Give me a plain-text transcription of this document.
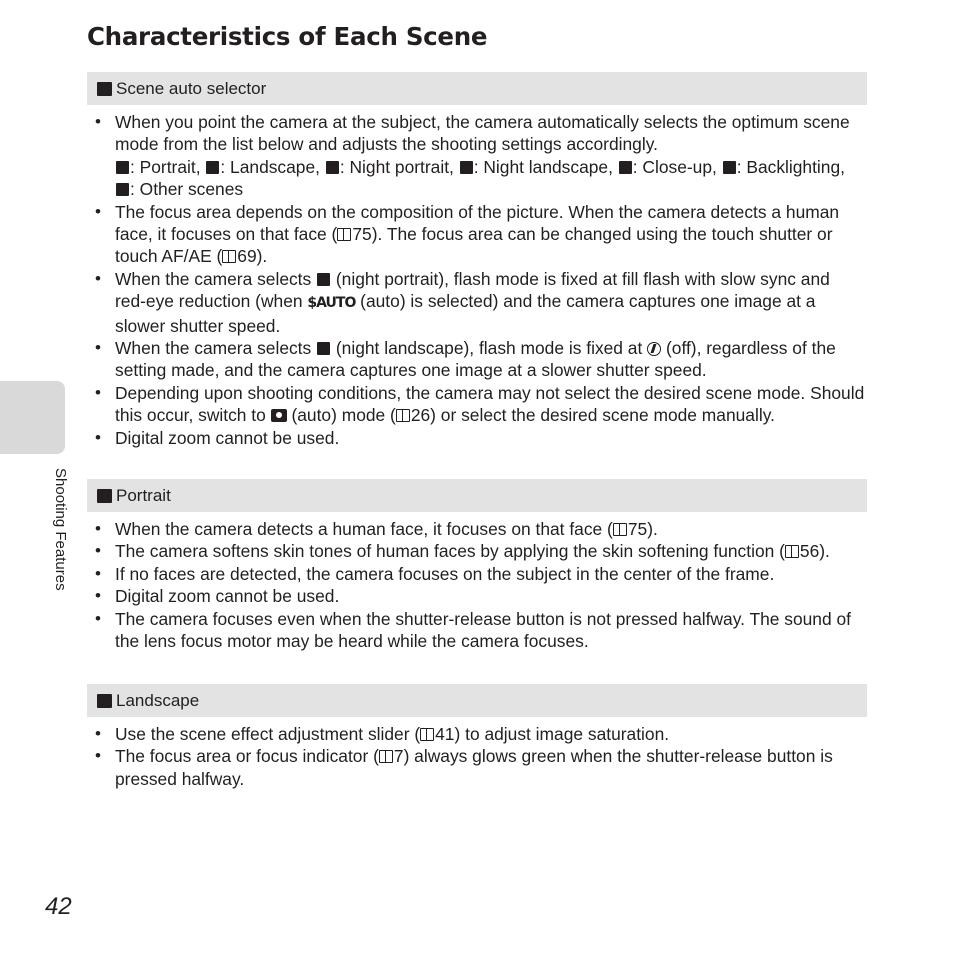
Characteristics of Each Scene
Shooting Features
Scene auto selector
• When you point the camera at the subject, the camera automatically selects the optimum scene mode from the list below and adjusts the shooting settings accordingly.
: Portrait, : Landscape, : Night portrait, : Night landscape, : Close-up, : Backlighting,
: Other scenes
• The focus area depends on the composition of the picture. When the camera detects a human face, it focuses on that face ( 75). The focus area can be changed using the touch shutter or touch AF/AE ( 69).
• When the camera selects  (night portrait), flash mode is fixed at fill flash with slow sync and red-eye reduction (when $AUTO (auto) is selected) and the camera captures one image at a slower shutter speed.
• When the camera selects  (night landscape), flash mode is fixed at  (off), regardless of the setting made, and the camera captures one image at a slower shutter speed.
• Depending upon shooting conditions, the camera may not select the desired scene mode. Should this occur, switch to  (auto) mode ( 26) or select the desired scene mode manually.
• Digital zoom cannot be used.
Portrait
• When the camera detects a human face, it focuses on that face ( 75).
• The camera softens skin tones of human faces by applying the skin softening function ( 56).
• If no faces are detected, the camera focuses on the subject in the center of the frame.
• Digital zoom cannot be used.
• The camera focuses even when the shutter-release button is not pressed halfway. The sound of the lens focus motor may be heard while the camera focuses.
Landscape
• Use the scene effect adjustment slider ( 41) to adjust image saturation.
• The focus area or focus indicator ( 7) always glows green when the shutter-release button is pressed halfway.
42
